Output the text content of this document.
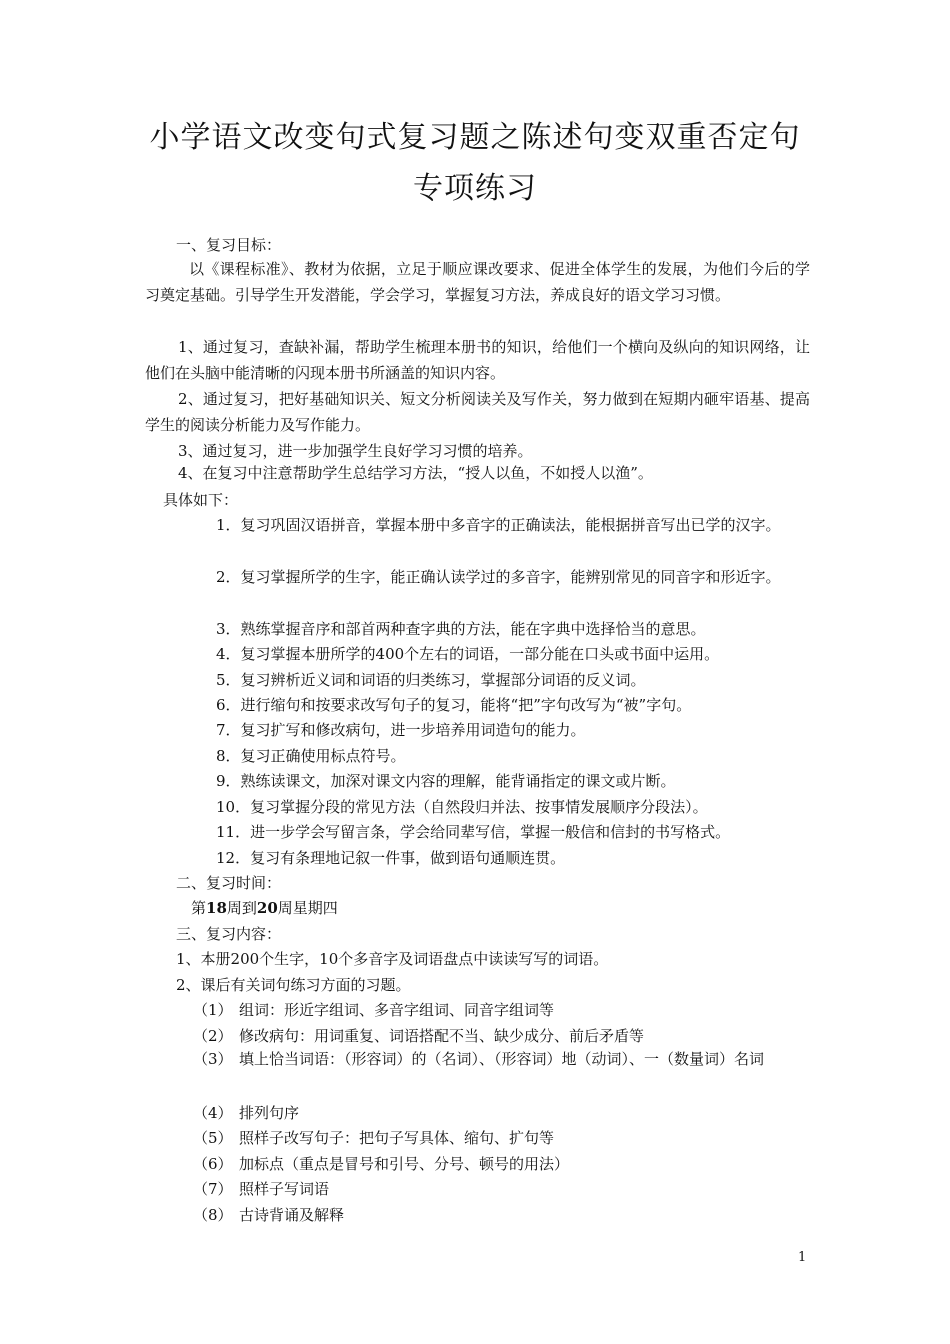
小学语文改变句式复习题之陈述句变双重否定句
专项练习
一、复习目标：
以《课程标准》、教材为依据，立足于顺应课改要求、促进全体学生的发展，为他们今后的学习奠定基础。引导学生开发潜能，学会学习，掌握复习方法，养成良好的语文学习习惯。
1、通过复习，查缺补漏，帮助学生梳理本册书的知识，给他们一个横向及纵向的知识网络，让他们在头脑中能清晰的闪现本册书所涵盖的知识内容。
2、通过复习，把好基础知识关、短文分析阅读关及写作关，努力做到在短期内砸牢语基、提高学生的阅读分析能力及写作能力。
3、通过复习，进一步加强学生良好学习习惯的培养。
4、在复习中注意帮助学生总结学习方法，“授人以鱼，不如授人以渔”。
具体如下：
1．复习巩固汉语拼音，掌握本册中多音字的正确读法，能根据拼音写出已学的汉字。
2．复习掌握所学的生字，能正确认读学过的多音字，能辨别常见的同音字和形近字。
3．熟练掌握音序和部首两种查字典的方法，能在字典中选择恰当的意思。
4．复习掌握本册所学的400个左右的词语，一部分能在口头或书面中运用。
5．复习辨析近义词和词语的归类练习，掌握部分词语的反义词。
6．进行缩句和按要求改写句子的复习，能将“把”字句改写为“被”字句。
7．复习扩写和修改病句，进一步培养用词造句的能力。
8．复习正确使用标点符号。
9．熟练读课文，加深对课文内容的理解，能背诵指定的课文或片断。
10．复习掌握分段的常见方法（自然段归并法、按事情发展顺序分段法）。
11．进一步学会写留言条，学会给同辈写信，掌握一般信和信封的书写格式。
12．复习有条理地记叙一件事，做到语句通顺连贯。
二、复习时间：
第18周到20周星期四
三、复习内容：
1、本册200个生字，10个多音字及词语盘点中读读写写的词语。
2、课后有关词句练习方面的习题。
（1） 组词：形近字组词、多音字组词、同音字组词等
（2） 修改病句：用词重复、词语搭配不当、缺少成分、前后矛盾等
（3） 填上恰当词语：（形容词）的（名词）、（形容词）地（动词）、一（数量词）名词
（4） 排列句序
（5） 照样子改写句子：把句子写具体、缩句、扩句等
（6） 加标点（重点是冒号和引号、分号、顿号的用法）
（7） 照样子写词语
（8） 古诗背诵及解释
1
